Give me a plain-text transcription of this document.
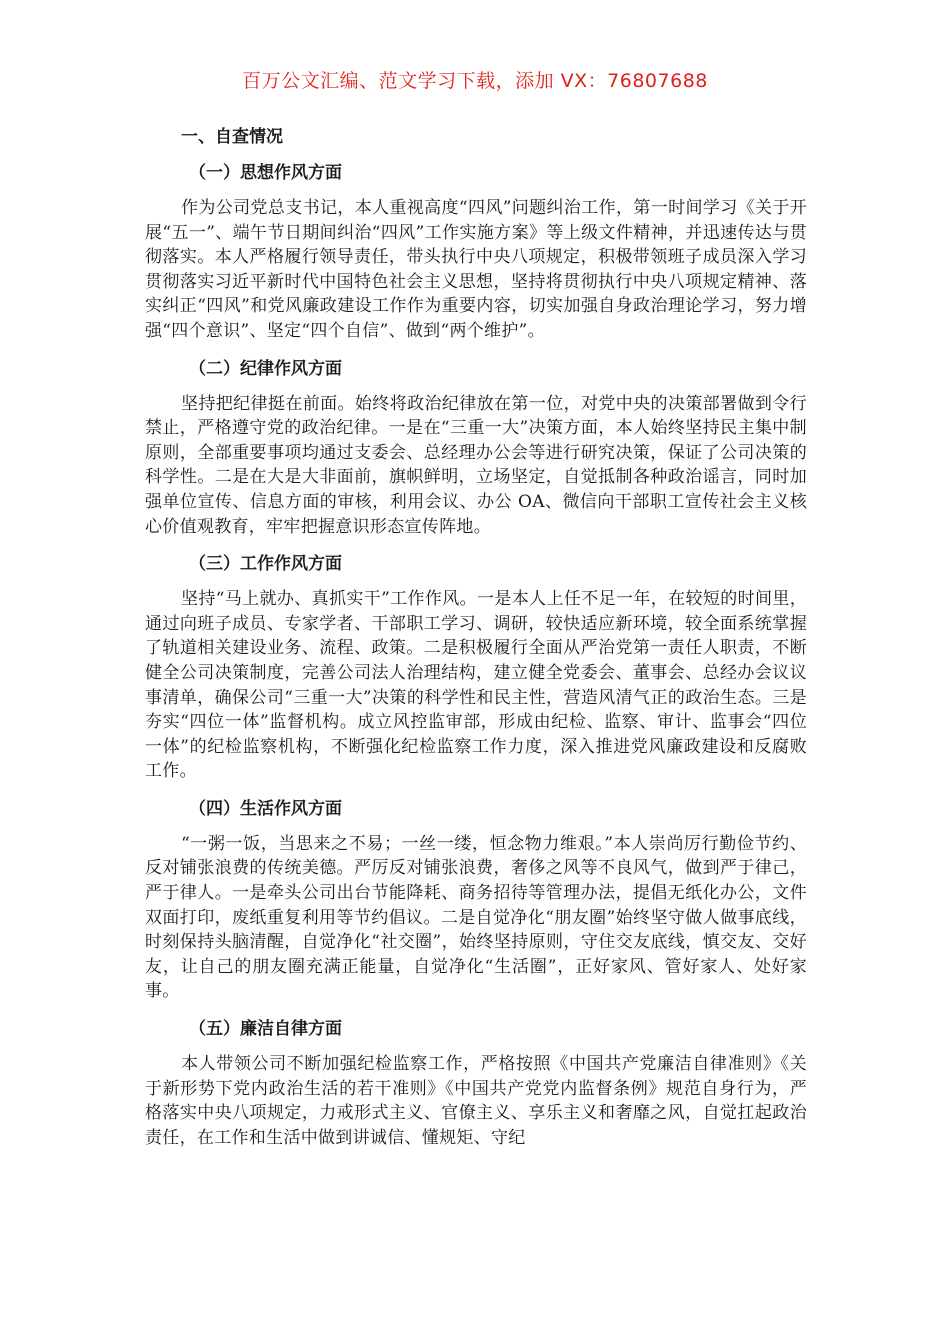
百万公文汇编、范文学习下载，添加 VX：76807688
一、自查情况
（一）思想作风方面

作为公司党总支书记，本人重视高度“四风”问题纠治工作，第一时间学习《关于开展“五一”、端午节日期间纠治“四风”工作实施方案》等上级文件精神，并迅速传达与贯彻落实。本人严格履行领导责任，带头执行中央八项规定，积极带领班子成员深入学习贯彻落实习近平新时代中国特色社会主义思想，坚持将贯彻执行中央八项规定精神、落实纠正“四风”和党风廉政建设工作作为重要内容，切实加强自身政治理论学习，努力增强“四个意识”、坚定“四个自信”、做到“两个维护”。

（二）纪律作风方面

坚持把纪律挺在前面。始终将政治纪律放在第一位，对党中央的决策部署做到令行禁止，严格遵守党的政治纪律。一是在“三重一大”决策方面，本人始终坚持民主集中制原则，全部重要事项均通过支委会、总经理办公会等进行研究决策，保证了公司决策的科学性。二是在大是大非面前，旗帜鲜明，立场坚定，自觉抵制各种政治谣言，同时加强单位宣传、信息方面的审核，利用会议、办公 OA、微信向干部职工宣传社会主义核心价值观教育，牢牢把握意识形态宣传阵地。

（三）工作作风方面

坚持“马上就办、真抓实干”工作作风。一是本人上任不足一年，在较短的时间里，通过向班子成员、专家学者、干部职工学习、调研，较快适应新环境，较全面系统掌握了轨道相关建设业务、流程、政策。二是积极履行全面从严治党第一责任人职责，不断健全公司决策制度，完善公司法人治理结构，建立健全党委会、董事会、总经办会议议事清单，确保公司“三重一大”决策的科学性和民主性，营造风清气正的政治生态。三是夯实“四位一体”监督机构。成立风控监审部，形成由纪检、监察、审计、监事会“四位一体”的纪检监察机构，不断强化纪检监察工作力度，深入推进党风廉政建设和反腐败工作。

（四）生活作风方面

“一粥一饭，当思来之不易；一丝一缕，恒念物力维艰。”本人崇尚厉行勤俭节约、反对铺张浪费的传统美德。严厉反对铺张浪费，奢侈之风等不良风气，做到严于律己，严于律人。一是牵头公司出台节能降耗、商务招待等管理办法，提倡无纸化办公，文件双面打印，废纸重复利用等节约倡议。二是自觉净化“朋友圈”始终坚守做人做事底线，时刻保持头脑清醒，自觉净化“社交圈”，始终坚持原则，守住交友底线，慎交友、交好友，让自己的朋友圈充满正能量，自觉净化“生活圈”，正好家风、管好家人、处好家事。

（五）廉洁自律方面

本人带领公司不断加强纪检监察工作，严格按照《中国共产党廉洁自律准则》《关于新形势下党内政治生活的若干准则》《中国共产党党内监督条例》规范自身行为，严格落实中央八项规定，力戒形式主义、官僚主义、享乐主义和奢靡之风，自觉扛起政治责任，在工作和生活中做到讲诚信、懂规矩、守纪
